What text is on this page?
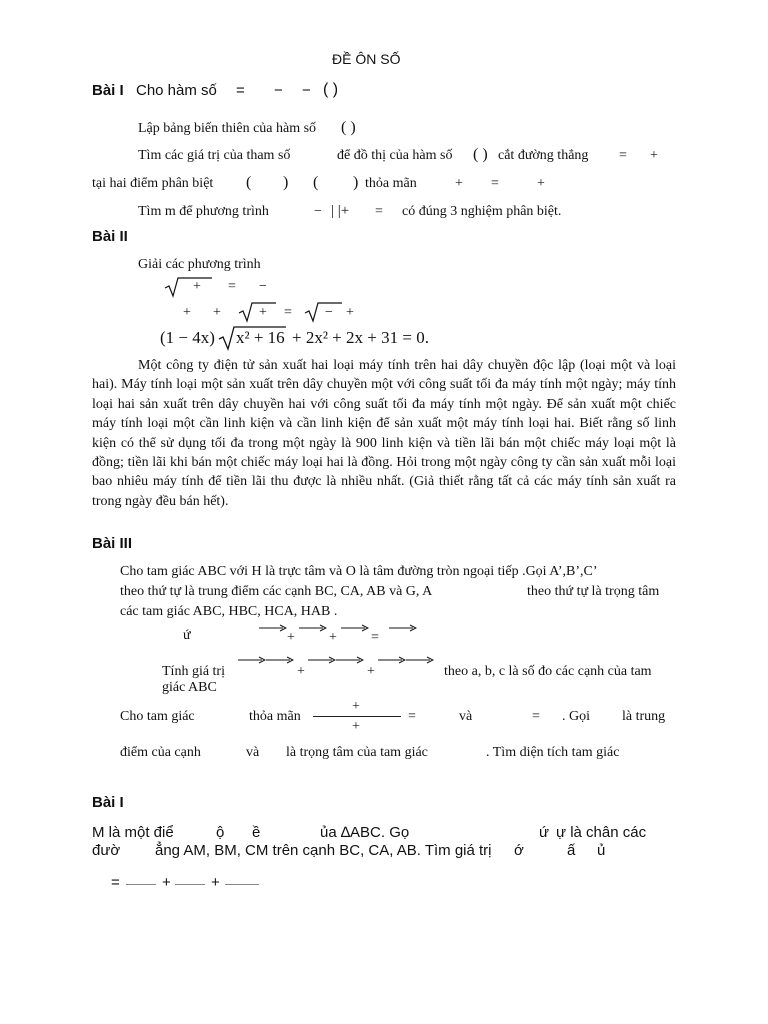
ĐỀ ÔN SỐ
Bài I Cho hàm số = − − ( )
Lập bảng biến thiên của hàm số ( )
Tìm các giá trị của tham số	để đồ thị của hàm số ( ) cắt đường thẳng = +
tại hai điểm phân biệt ( ) ( ) thỏa mãn	+ =	+
Tìm m để phương trình	− | |+ = có đúng 3 nghiệm phân biệt.
Bài II
Giải các phương trình
+ = −
+ +	+ = − +
(1 − 4x) x² + 16 + 2x² + 2x + 31 = 0.
Một công ty điện tử sản xuất hai loại máy tính trên hai dây chuyền độc lập (loại một và loại hai). Máy tính loại một sản xuất trên dây chuyền một với công suất tối đa máy tính một ngày; máy tính loại hai sản xuất trên dây chuyền hai với công suất tối đa máy tính một ngày. Để sản xuất một chiếc máy tính loại một cần linh kiện và cần linh kiện để sản xuất một máy tính loại hai. Biết rằng số linh kiện có thể sử dụng tối đa trong một ngày là 900 linh kiện và tiền lãi bán một chiếc máy loại một là đồng; tiền lãi khi bán một chiếc máy loại hai là đồng. Hỏi trong một ngày công ty cần sản xuất mỗi loại bao nhiêu máy tính để tiền lãi thu được là nhiều nhất. (Giả thiết rằng tất cả các máy tính sản xuất ra trong ngày đều bán hết).
Bài III
Cho tam giác ABC với H là trực tâm và O là tâm đường tròn ngoại tiếp .Gọi A’,B’,C’
theo thứ tự là trung điểm các cạnh BC, CA, AB và G, A	theo thứ tự là trọng tâm
các tam giác ABC, HBC, HCA, HAB .
ứ	+ + =
Tính giá trị	+	+	theo a, b, c là số đo các cạnh của tam
giác ABC
Cho tam giác	thỏa mãn
+
+
=	và	= . Gọi là trung
điểm của cạnh	và là trọng tâm của tam giác	. Tìm diện tích tam giác
Bài I
M là một điể	ộ ề	ủa ∆ABC. Gọ	ứ ự là chân các
đườ ẳng AM, BM, CM trên cạnh BC, CA, AB. Tìm giá trị ớ	ấ ủ
=	+	+
